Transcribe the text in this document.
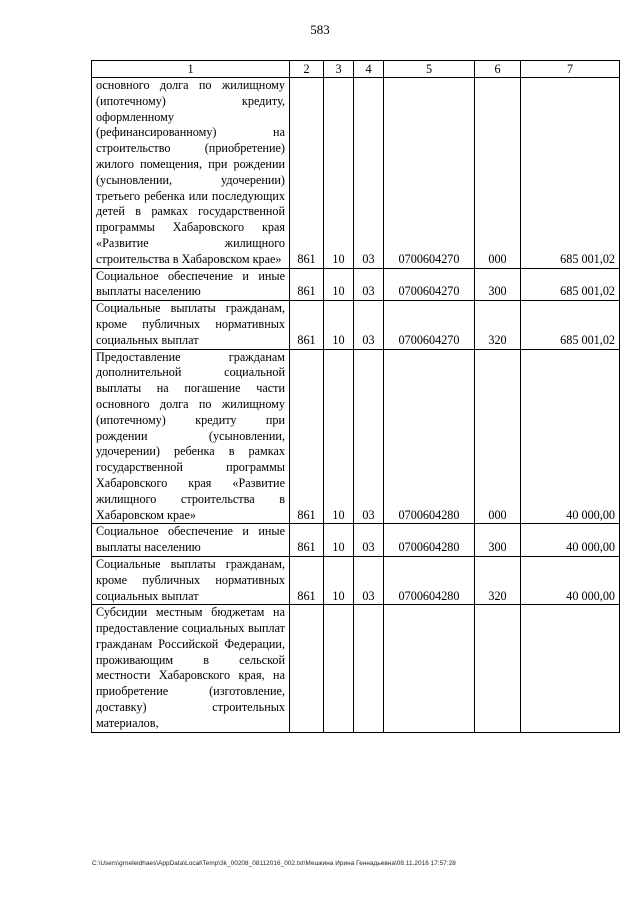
583
1	2	3	4	5	6	7
основного долга по жилищному (ипотечному) кредиту, оформленному (рефинансированному) на строительство (приобретение) жилого помещения, при рождении (усыновлении, удочерении) третьего ребенка или последующих детей в рамках государственной программы Хабаровского края «Развитие жилищного строительства в Хабаровском крае»	861	10	03	0700604270	000	685 001,02
Социальное обеспечение и иные выплаты населению	861	10	03	0700604270	300	685 001,02
Социальные выплаты гражданам, кроме публичных нормативных социальных выплат	861	10	03	0700604270	320	685 001,02
Предоставление гражданам дополнительной социальной выплаты на погашение части основного долга по жилищному (ипотечному) кредиту при рождении (усыновлении, удочерении) ребенка в рамках государственной программы Хабаровского края «Развитие жилищного строительства в Хабаровском крае»	861	10	03	0700604280	000	40 000,00
Социальное обеспечение и иные выплаты населению	861	10	03	0700604280	300	40 000,00
Социальные выплаты гражданам, кроме публичных нормативных социальных выплат	861	10	03	0700604280	320	40 000,00
Субсидии местным бюджетам на предоставление социальных выплат гражданам Российской Федерации, проживающим в сельской местности Хабаровского края, на приобретение (изготовление, доставку) строительных материалов,						
C:\Users\grneleidhaes\AppData\Local\Temp\3k_00208_08112016_002.txt\Мешкина Ирина Геннадьевна\08.11.2016 17:57:28
